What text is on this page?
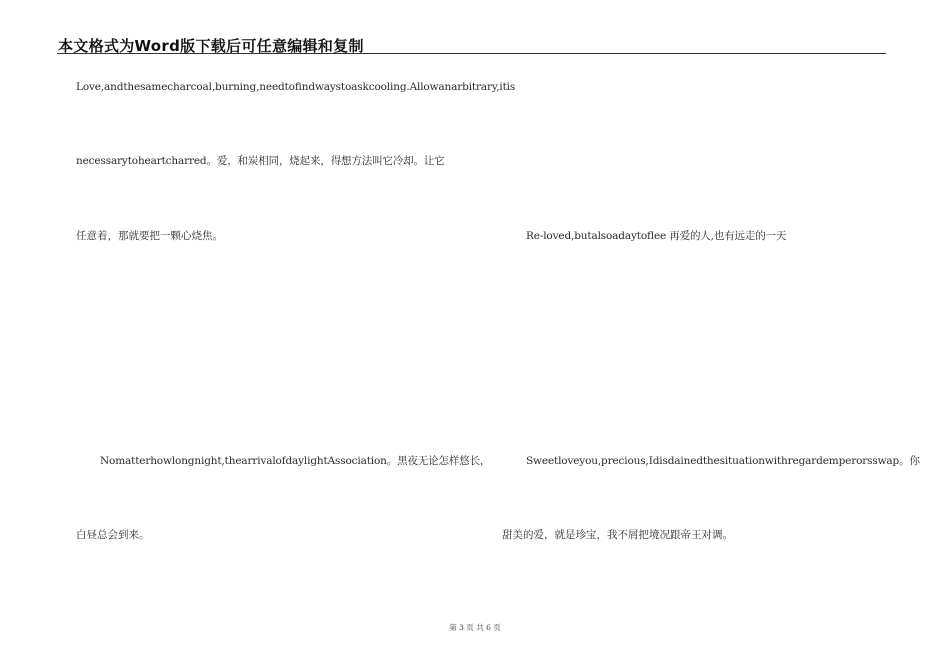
本文格式为Word版下载后可任意编辑和复制
Love,andthesamecharcoal,burning,needtofindwaystoaskcooling.Allowanarbitrary,itis
necessarytoheartcharred。爱，和炭相同，烧起来，得想方法叫它冷却。让它
任意着，那就要把一颗心烧焦。
Nomatterhowlongnight,thearrivalofdaylightAssociation。黑夜无论怎样悠长，
白昼总会到来。
Re-loved,butalsoadaytoflee 再爱的人,也有远走的一天
Sweetloveyou,precious,Idisdainedthesituationwithregardemperorsswap。你
甜美的爱，就是珍宝，我不屑把境况跟帝王对调。
第 3 页 共 6 页
